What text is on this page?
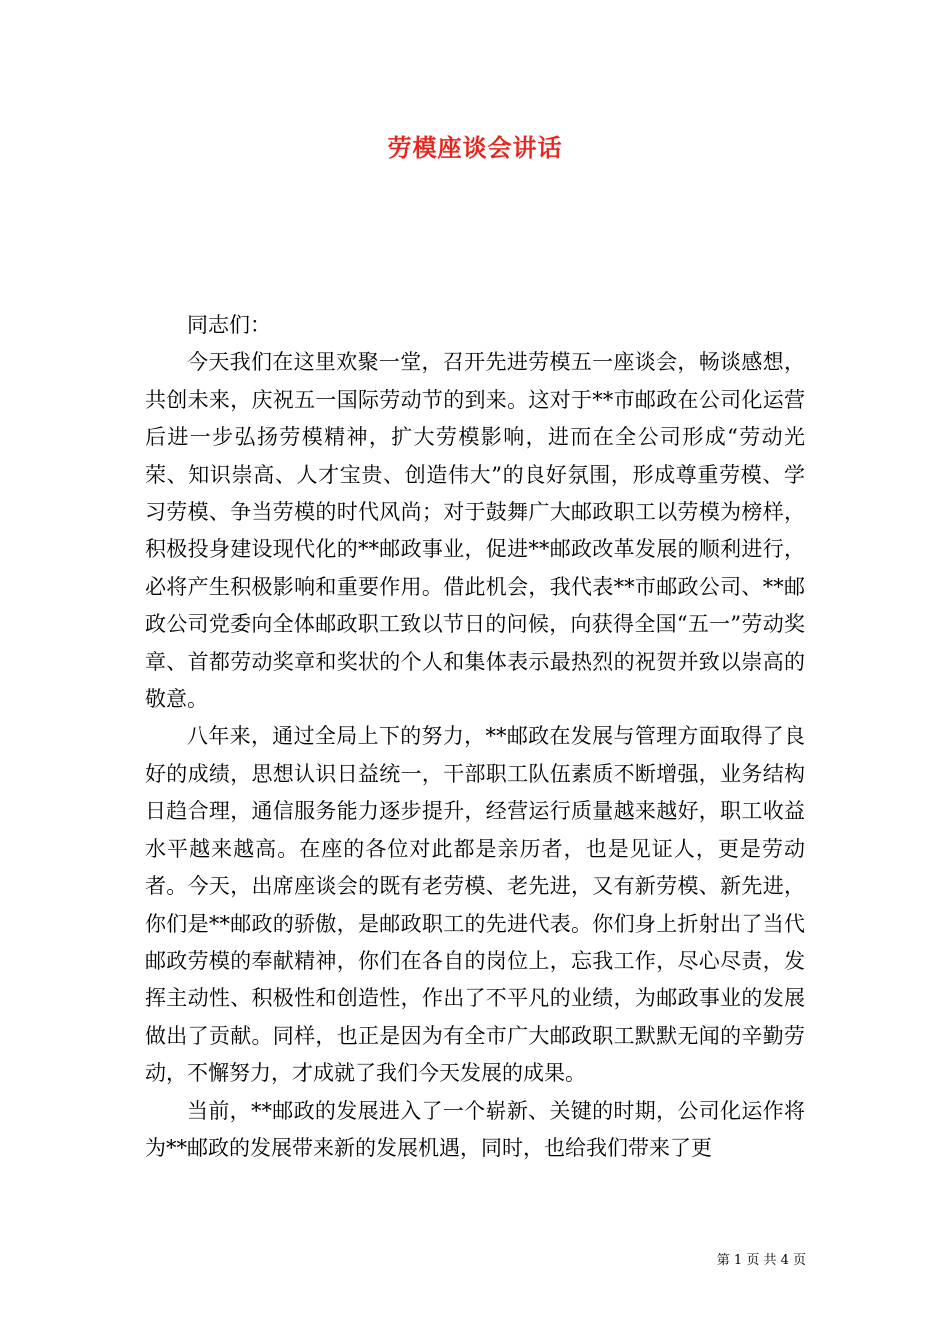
劳模座谈会讲话

同志们：

今天我们在这里欢聚一堂，召开先进劳模五一座谈会，畅谈感想，共创未来，庆祝五一国际劳动节的到来。这对于**市邮政在公司化运营后进一步弘扬劳模精神，扩大劳模影响，进而在全公司形成“劳动光荣、知识崇高、人才宝贵、创造伟大”的良好氛围，形成尊重劳模、学习劳模、争当劳模的时代风尚；对于鼓舞广大邮政职工以劳模为榜样，积极投身建设现代化的**邮政事业，促进**邮政改革发展的顺利进行，必将产生积极影响和重要作用。借此机会，我代表**市邮政公司、**邮政公司党委向全体邮政职工致以节日的问候，向获得全国“五一”劳动奖章、首都劳动奖章和奖状的个人和集体表示最热烈的祝贺并致以崇高的敬意。

八年来，通过全局上下的努力，**邮政在发展与管理方面取得了良好的成绩，思想认识日益统一，干部职工队伍素质不断增强，业务结构日趋合理，通信服务能力逐步提升，经营运行质量越来越好，职工收益水平越来越高。在座的各位对此都是亲历者，也是见证人，更是劳动者。今天，出席座谈会的既有老劳模、老先进，又有新劳模、新先进，你们是**邮政的骄傲，是邮政职工的先进代表。你们身上折射出了当代邮政劳模的奉献精神，你们在各自的岗位上，忘我工作，尽心尽责，发挥主动性、积极性和创造性，作出了不平凡的业绩，为邮政事业的发展做出了贡献。同样，也正是因为有全市广大邮政职工默默无闻的辛勤劳动，不懈努力，才成就了我们今天发展的成果。

当前，**邮政的发展进入了一个崭新、关键的时期，公司化运作将为**邮政的发展带来新的发展机遇，同时，也给我们带来了更

第 1 页 共 4 页
